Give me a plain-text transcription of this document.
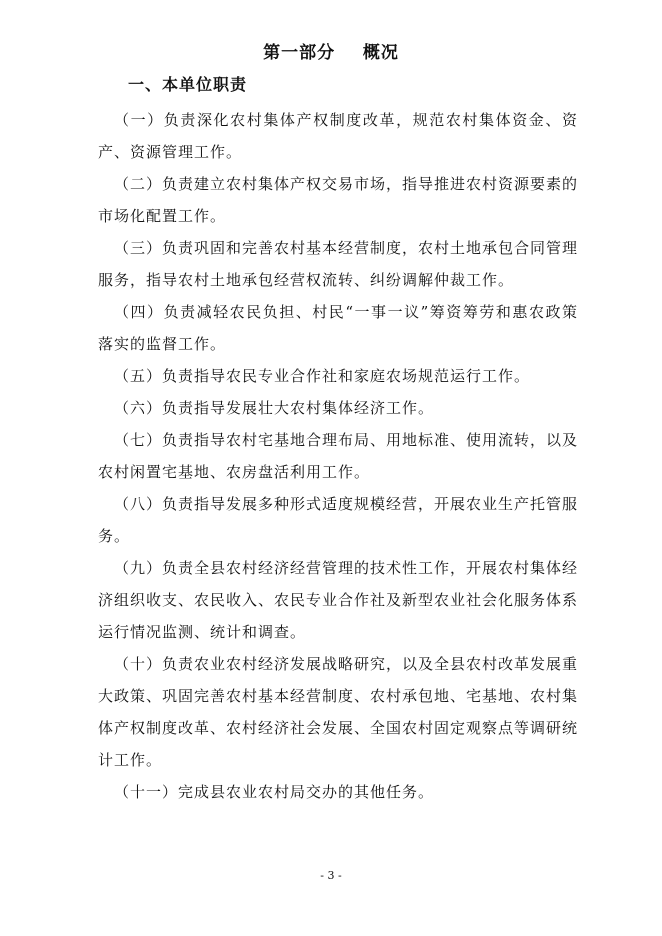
第一部分    概况
一、本单位职责

（一）负责深化农村集体产权制度改革，规范农村集体资金、资产、资源管理工作。

（二）负责建立农村集体产权交易市场，指导推进农村资源要素的市场化配置工作。

（三）负责巩固和完善农村基本经营制度，农村土地承包合同管理服务，指导农村土地承包经营权流转、纠纷调解仲裁工作。

（四）负责减轻农民负担、村民“一事一议”筹资筹劳和惠农政策落实的监督工作。

（五）负责指导农民专业合作社和家庭农场规范运行工作。

（六）负责指导发展壮大农村集体经济工作。

（七）负责指导农村宅基地合理布局、用地标准、使用流转，以及农村闲置宅基地、农房盘活利用工作。

（八）负责指导发展多种形式适度规模经营，开展农业生产托管服务。

（九）负责全县农村经济经营管理的技术性工作，开展农村集体经济组织收支、农民收入、农民专业合作社及新型农业社会化服务体系运行情况监测、统计和调查。

（十）负责农业农村经济发展战略研究，以及全县农村改革发展重大政策、巩固完善农村基本经营制度、农村承包地、宅基地、农村集体产权制度改革、农村经济社会发展、全国农村固定观察点等调研统计工作。

（十一）完成县农业农村局交办的其他任务。

- 3 -
